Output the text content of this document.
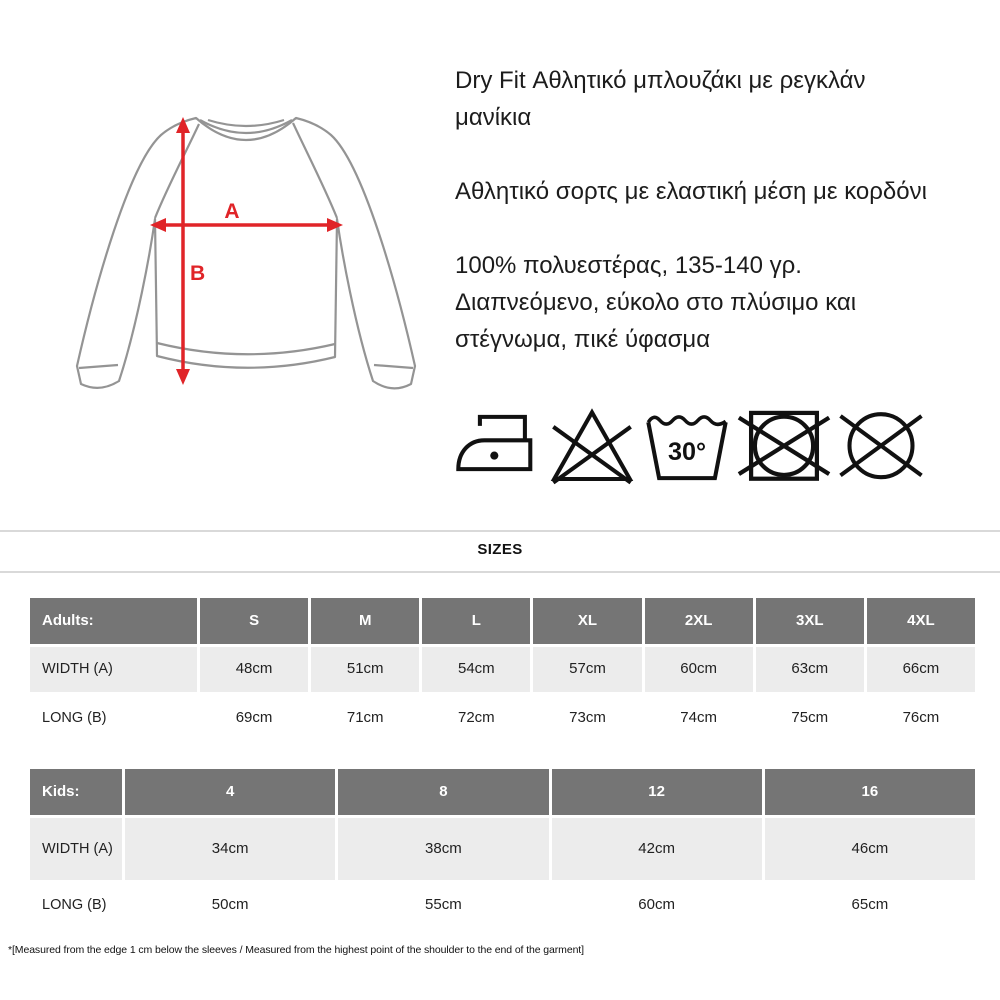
A
B

Dry Fit Αθλητικό μπλουζάκι με ρεγκλάν μανίκια

Αθλητικό σορτς με ελαστική μέση με κορδόνι

100% πολυεστέρας, 135-140 γρ. Διαπνεόμενο, εύκολο στο πλύσιμο και στέγνωμα, πικέ ύφασμα

30°
SIZES
Adults:	S	M	L	XL	2XL	3XL	4XL
WIDTH (A)	48cm	51cm	54cm	57cm	60cm	63cm	66cm
LONG (B)	69cm	71cm	72cm	73cm	74cm	75cm	76cm
Kids:	4	8	12	16
WIDTH (A)	34cm	38cm	42cm	46cm
LONG (B)	50cm	55cm	60cm	65cm
*[Measured from the edge 1 cm below the sleeves / Measured from the highest point of the shoulder to the end of the garment]
